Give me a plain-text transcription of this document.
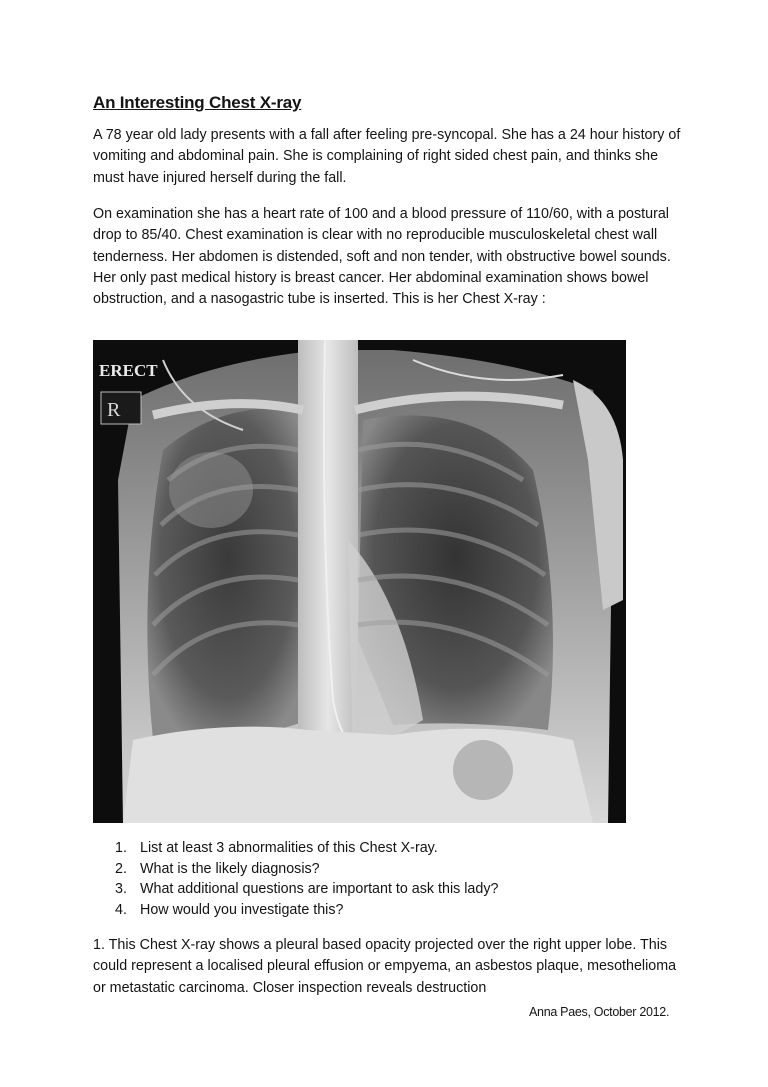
An Interesting Chest X-ray

A 78 year old lady presents with a fall after feeling pre-syncopal. She has a 24 hour history of vomiting and abdominal pain. She is complaining of right sided chest pain, and thinks she must have injured herself during the fall.

On examination she has a heart rate of 100 and a blood pressure of 110/60, with a postural drop to 85/40. Chest examination is clear with no reproducible musculoskeletal chest wall tenderness. Her abdomen is distended, soft and non tender, with obstructive bowel sounds. Her only past medical history is breast cancer. Her abdominal examination shows bowel obstruction, and a nasogastric tube is inserted. This is her Chest X-ray :

ERECT
R
1. List at least 3 abnormalities of this Chest X-ray.
2. What is the likely diagnosis?
3. What additional questions are important to ask this lady?
4. How would you investigate this?

1. This Chest X-ray shows a pleural based opacity projected over the right upper lobe. This could represent a localised pleural effusion or empyema, an asbestos plaque, mesothelioma or metastatic carcinoma. Closer inspection reveals destruction

Anna Paes, October 2012.
